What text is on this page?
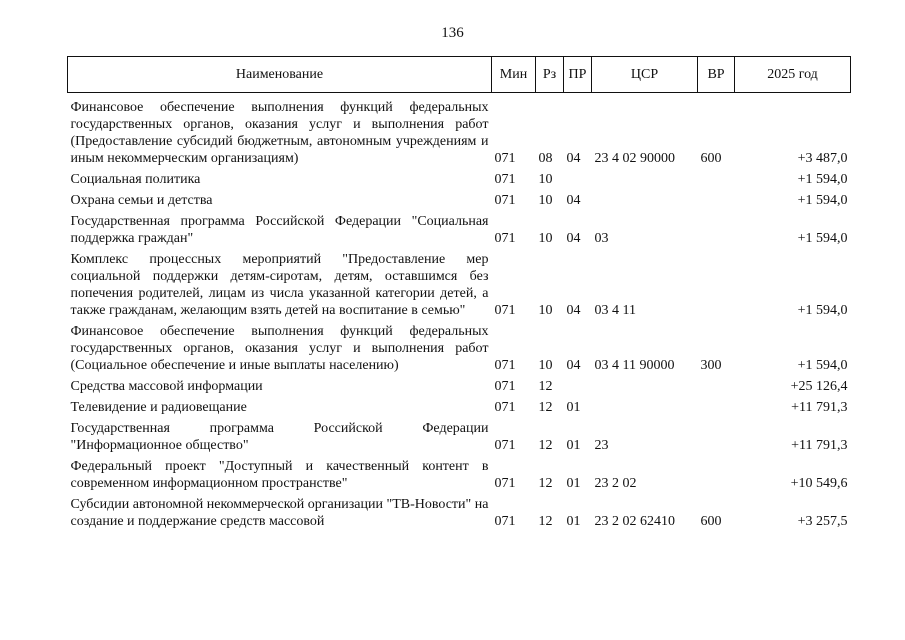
136
Наименование	Мин	Рз	ПР	ЦСР	ВР	2025 год
Финансовое обеспечение выполнения функций федеральных государственных органов, оказания услуг и выполнения работ (Предоставление субсидий бюджетным, автономным учреждениям и иным некоммерческим организациям)	071	08	04	23 4 02 90000	600	+3 487,0
Социальная политика	071	10				+1 594,0
Охрана семьи и детства	071	10	04			+1 594,0
Государственная программа Российской Федерации "Социальная поддержка граждан"	071	10	04	03		+1 594,0
Комплекс процессных мероприятий "Предоставление мер социальной поддержки детям-сиротам, детям, оставшимся без попечения родителей, лицам из числа указанной категории детей, а также гражданам, желающим взять детей на воспитание в семью"	071	10	04	03 4 11		+1 594,0
Финансовое обеспечение выполнения функций федеральных государственных органов, оказания услуг и выполнения работ (Социальное обеспечение и иные выплаты населению)	071	10	04	03 4 11 90000	300	+1 594,0
Средства массовой информации	071	12				+25 126,4
Телевидение и радиовещание	071	12	01			+11 791,3
Государственная программа Российской Федерации "Информационное общество"	071	12	01	23		+11 791,3
Федеральный проект "Доступный и качественный контент в современном информационном пространстве"	071	12	01	23 2 02		+10 549,6
Субсидии автономной некоммерческой организации "ТВ-Новости" на создание и поддержание средств массовой	071	12	01	23 2 02 62410	600	+3 257,5
